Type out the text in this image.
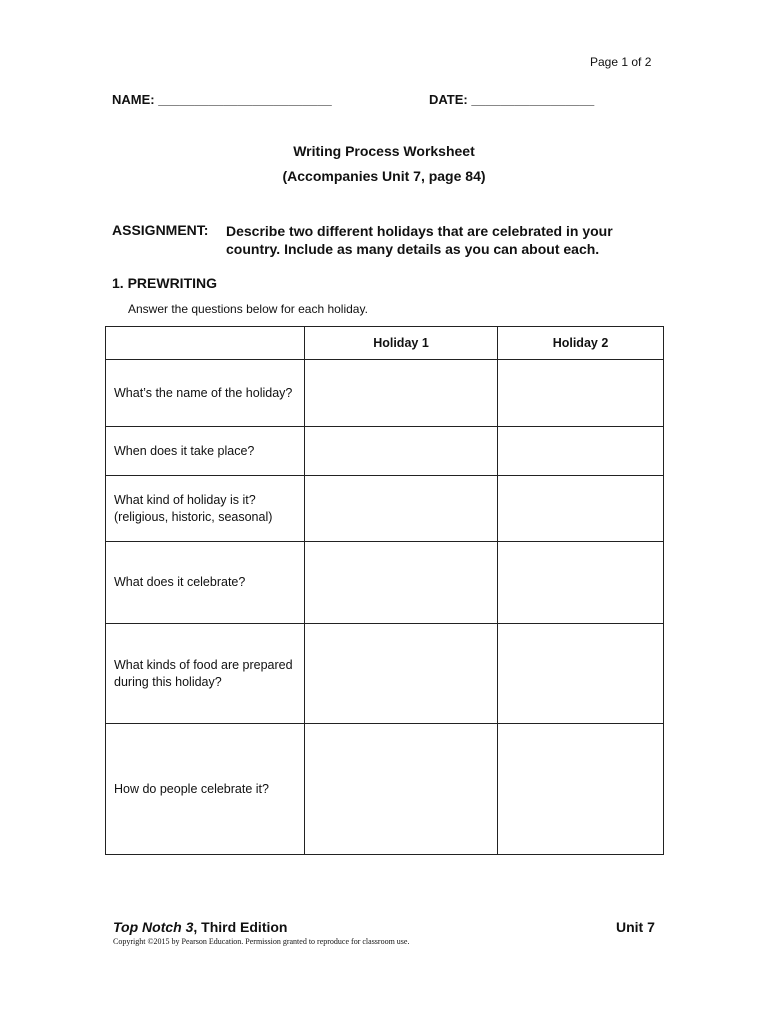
Page 1 of 2
NAME: ________________________	DATE: _________________
Writing Process Worksheet
(Accompanies Unit 7, page 84)
ASSIGNMENT: Describe two different holidays that are celebrated in your country. Include as many details as you can about each.
1. PREWRITING
Answer the questions below for each holiday.
	Holiday 1	Holiday 2
What’s the name of the holiday?		
When does it take place?		
What kind of holiday is it? (religious, historic, seasonal)		
What does it celebrate?		
What kinds of food are prepared during this holiday?		
How do people celebrate it?		
Top Notch 3, Third Edition	Unit 7
Copyright ©2015 by Pearson Education. Permission granted to reproduce for classroom use.
